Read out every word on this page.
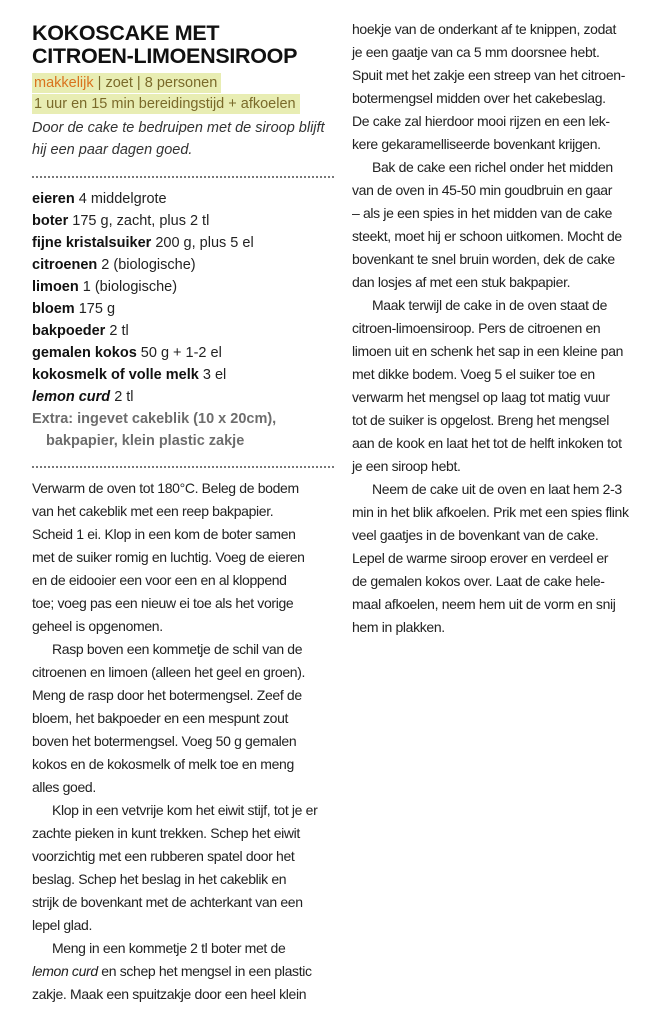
KOKOSCAKE MET
CITROEN-LIMOENSIROOP
makkelijk | zoet | 8 personen 1 uur en 15 min bereidingstijd + afkoelen

Door de cake te bedruipen met de siroop blijft
hij een paar dagen goed.

eieren 4 middelgrote
boter 175 g, zacht, plus 2 tl
fijne kristalsuiker 200 g, plus 5 el
citroenen 2 (biologische)
limoen 1 (biologische)
bloem 175 g
bakpoeder 2 tl
gemalen kokos 50 g + 1-2 el
kokosmelk of volle melk 3 el
lemon curd 2 tl

Extra: ingevet cakeblik (10 x 20cm),
bakpapier, klein plastic zakje

Verwarm de oven tot 180°C. Beleg de bodem
van het cakeblik met een reep bakpapier.
Scheid 1 ei. Klop in een kom de boter samen
met de suiker romig en luchtig. Voeg de eieren
en de eidooier een voor een en al kloppend
toe; voeg pas een nieuw ei toe als het vorige
geheel is opgenomen.

Rasp boven een kommetje de schil van de
citroenen en limoen (alleen het geel en groen).
Meng de rasp door het botermengsel. Zeef de
bloem, het bakpoeder en een mespunt zout
boven het botermengsel. Voeg 50 g gemalen
kokos en de kokosmelk of melk toe en meng
alles goed.

Klop in een vetvrije kom het eiwit stijf, tot je er
zachte pieken in kunt trekken. Schep het eiwit
voorzichtig met een rubberen spatel door het
beslag. Schep het beslag in het cakeblik en
strijk de bovenkant met de achterkant van een
lepel glad.

Meng in een kommetje 2 tl boter met de
lemon curd en schep het mengsel in een plastic
zakje. Maak een spuitzakje door een heel klein

hoekje van de onderkant af te knippen, zodat
je een gaatje van ca 5 mm doorsnee hebt.
Spuit met het zakje een streep van het citroen-
botermengsel midden over het cakebeslag.
De cake zal hierdoor mooi rijzen en een lek-
kere gekaramelliseerde bovenkant krijgen.

Bak de cake een richel onder het midden
van de oven in 45-50 min goudbruin en gaar
– als je een spies in het midden van de cake
steekt, moet hij er schoon uitkomen. Mocht de
bovenkant te snel bruin worden, dek de cake
dan losjes af met een stuk bakpapier.

Maak terwijl de cake in de oven staat de
citroen-limoensiroop. Pers de citroenen en
limoen uit en schenk het sap in een kleine pan
met dikke bodem. Voeg 5 el suiker toe en
verwarm het mengsel op laag tot matig vuur
tot de suiker is opgelost. Breng het mengsel
aan de kook en laat het tot de helft inkoken tot
je een siroop hebt.

Neem de cake uit de oven en laat hem 2-3
min in het blik afkoelen. Prik met een spies flink
veel gaatjes in de bovenkant van de cake.
Lepel de warme siroop erover en verdeel er
de gemalen kokos over. Laat de cake hele-
maal afkoelen, neem hem uit de vorm en snij
hem in plakken.
